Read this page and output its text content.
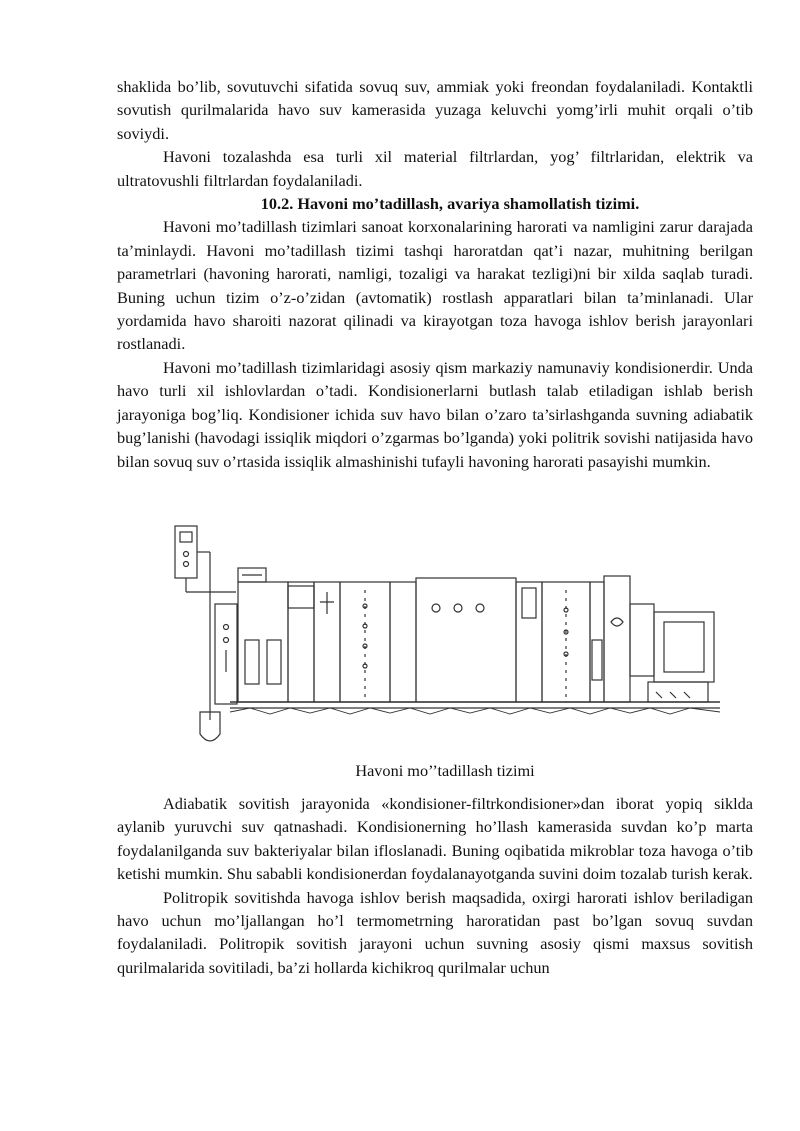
shaklida bo’lib, sovutuvchi sifatida sovuq suv, ammiak yoki freondan foydalaniladi. Kontaktli sovutish qurilmalarida havo suv kamerasida yuzaga keluvchi yomg’irli muhit orqali o’tib soviydi.

Havoni tozalashda esa turli xil material filtrlardan, yog’ filtrlaridan, elektrik va ultratovushli filtrlardan foydalaniladi.

10.2. Havoni mo’tadillash, avariya shamollatish tizimi.

Havoni mo’tadillash tizimlari sanoat korxonalarining harorati va namligini zarur darajada ta’minlaydi. Havoni mo’tadillash tizimi tashqi haroratdan qat’i nazar, muhitning berilgan parametrlari (havoning harorati, namligi, tozaligi va harakat tezligi)ni bir xilda saqlab turadi. Buning uchun tizim o’z-o’zidan (avtomatik) rostlash apparatlari bilan ta’minlanadi. Ular yordamida havo sharoiti nazorat qilinadi va kirayotgan toza havoga ishlov berish jarayonlari rostlanadi.

Havoni mo’tadillash tizimlaridagi asosiy qism markaziy namunaviy kondisionerdir. Unda havo turli xil ishlovlardan o’tadi. Kondisionerlarni butlash talab etiladigan ishlab berish jarayoniga bog’liq. Kondisioner ichida suv havo bilan o’zaro ta’sirlashganda suvning adiabatik bug’lanishi (havodagi issiqlik miqdori o’zgarmas bo’lganda) yoki politrik sovishi natijasida havo bilan sovuq suv o’rtasida issiqlik almashinishi tufayli havoning harorati pasayishi mumkin.

Havoni mo’’tadillash tizimi

Adiabatik sovitish jarayonida «kondisioner-filtrkondisioner»dan iborat yopiq siklda aylanib yuruvchi suv qatnashadi. Kondisionerning ho’llash kamerasida suvdan ko’p marta foydalanilganda suv bakteriyalar bilan ifloslanadi. Buning oqibatida mikroblar toza havoga o’tib ketishi mumkin. Shu sababli kondisionerdan foydalanayotganda suvini doim tozalab turish kerak.

Politropik sovitishda havoga ishlov berish maqsadida, oxirgi harorati ishlov beriladigan havo uchun mo’ljallangan ho’l termometrning haroratidan past bo’lgan sovuq suvdan foydalaniladi. Politropik sovitish jarayoni uchun suvning asosiy qismi maxsus sovitish qurilmalarida sovitiladi, ba’zi hollarda kichikroq qurilmalar uchun
